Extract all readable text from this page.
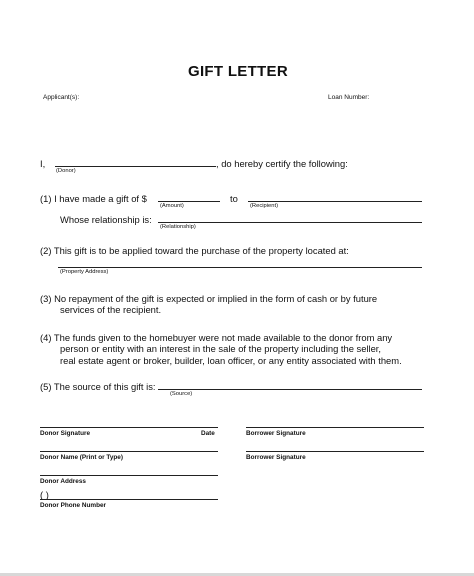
GIFT LETTER
Applicant(s):	Loan Number:
I,	, do hereby certify the following:
(Donor)
(1) I have made a gift of $
(Amount)
to
(Recipient)
Whose relationship is:
(Relationship)
(2) This gift is to be applied toward the purchase of the property located at:
(Property Address)
(3) No repayment of the gift is expected or implied in the form of cash or by future
services of the recipient.
(4) The funds given to the homebuyer were not made available to the donor from any
person or entity with an interest in the sale of the property including the seller,
real estate agent or broker, builder, loan officer, or any entity associated with them.
(5) The source of this gift is:
(Source)
Donor Signature	Date	Borrower Signature
Donor Name (Print or Type)	Borrower Signature
Donor Address
( )
Donor Phone Number
